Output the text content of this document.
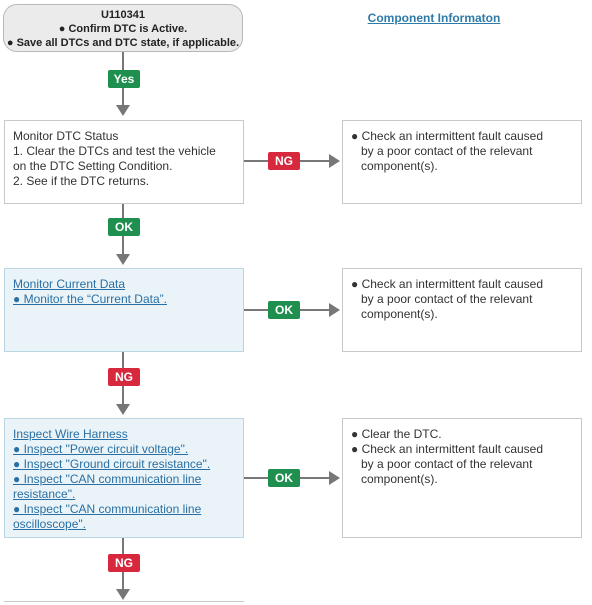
U110341
● Confirm DTC is Active.
● Save all DTCs and DTC state, if applicable.
Component Informaton
Yes
Monitor DTC Status
1. Clear the DTCs and test the vehicle
on the DTC Setting Condition.
2. See if the DTC returns.
NG
● Check an intermittent fault caused
by a poor contact of the relevant
component(s).
OK
Monitor Current Data
● Monitor the “Current Data”.
OK
● Check an intermittent fault caused
by a poor contact of the relevant
component(s).
NG
Inspect Wire Harness
● Inspect "Power circuit voltage".
● Inspect "Ground circuit resistance".
● Inspect "CAN communication line
resistance".
● Inspect "CAN communication line
oscilloscope".
OK
● Clear the DTC.
● Check an intermittent fault caused
by a poor contact of the relevant
component(s).
NG
